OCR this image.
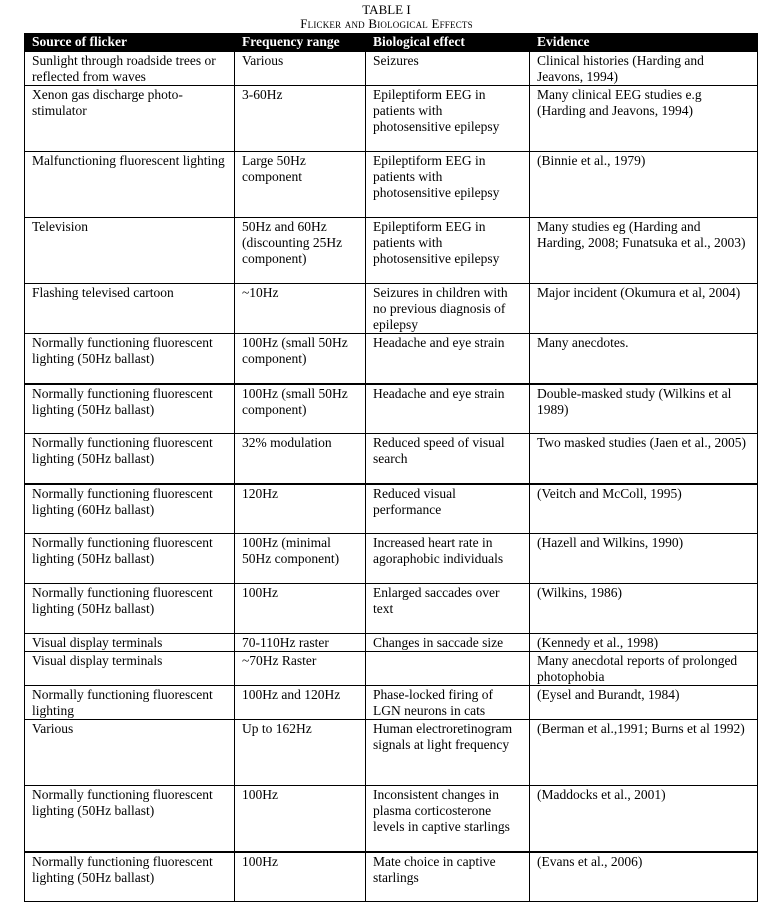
TABLE I
Flicker and Biological Effects
Source of flicker	Frequency range	Biological effect	Evidence
Sunlight through roadside trees or reflected from waves	Various	Seizures	Clinical histories (Harding and Jeavons, 1994)
Xenon gas discharge photo-stimulator	3-60Hz	Epileptiform EEG in patients with photosensitive epilepsy	Many clinical EEG studies e.g (Harding and Jeavons, 1994)
Malfunctioning fluorescent lighting	Large 50Hz component	Epileptiform EEG in patients with photosensitive epilepsy	(Binnie et al., 1979)
Television	50Hz and 60Hz (discounting 25Hz component)	Epileptiform EEG in patients with photosensitive epilepsy	Many studies eg (Harding and Harding, 2008; Funatsuka et al., 2003)
Flashing televised cartoon	~10Hz	Seizures in children with no previous diagnosis of epilepsy	Major incident (Okumura et al, 2004)
Normally functioning fluorescent lighting (50Hz ballast)	100Hz (small 50Hz component)	Headache and eye strain	Many anecdotes.
Normally functioning fluorescent lighting (50Hz ballast)	100Hz (small 50Hz component)	Headache and eye strain	Double-masked study (Wilkins et al 1989)
Normally functioning fluorescent lighting (50Hz ballast)	32% modulation	Reduced speed of visual search	Two masked studies (Jaen et al., 2005)
Normally functioning fluorescent lighting (60Hz ballast)	120Hz	Reduced visual performance	(Veitch and McColl, 1995)
Normally functioning fluorescent lighting (50Hz ballast)	100Hz (minimal 50Hz component)	Increased heart rate in agoraphobic individuals	(Hazell and Wilkins, 1990)
Normally functioning fluorescent lighting (50Hz ballast)	100Hz	Enlarged saccades over text	(Wilkins, 1986)
Visual display terminals	70-110Hz raster	Changes in saccade size	(Kennedy et al., 1998)
Visual display terminals	~70Hz Raster		Many anecdotal reports of prolonged photophobia
Normally functioning fluorescent lighting	100Hz and 120Hz	Phase-locked firing of LGN neurons in cats	(Eysel and Burandt, 1984)
Various	Up to 162Hz	Human electroretinogram signals at light frequency	(Berman et al.,1991; Burns et al 1992)
Normally functioning fluorescent lighting (50Hz ballast)	100Hz	Inconsistent changes in plasma corticosterone levels in captive starlings	(Maddocks et al., 2001)
Normally functioning fluorescent lighting (50Hz ballast)	100Hz	Mate choice in captive starlings	(Evans et al., 2006)
